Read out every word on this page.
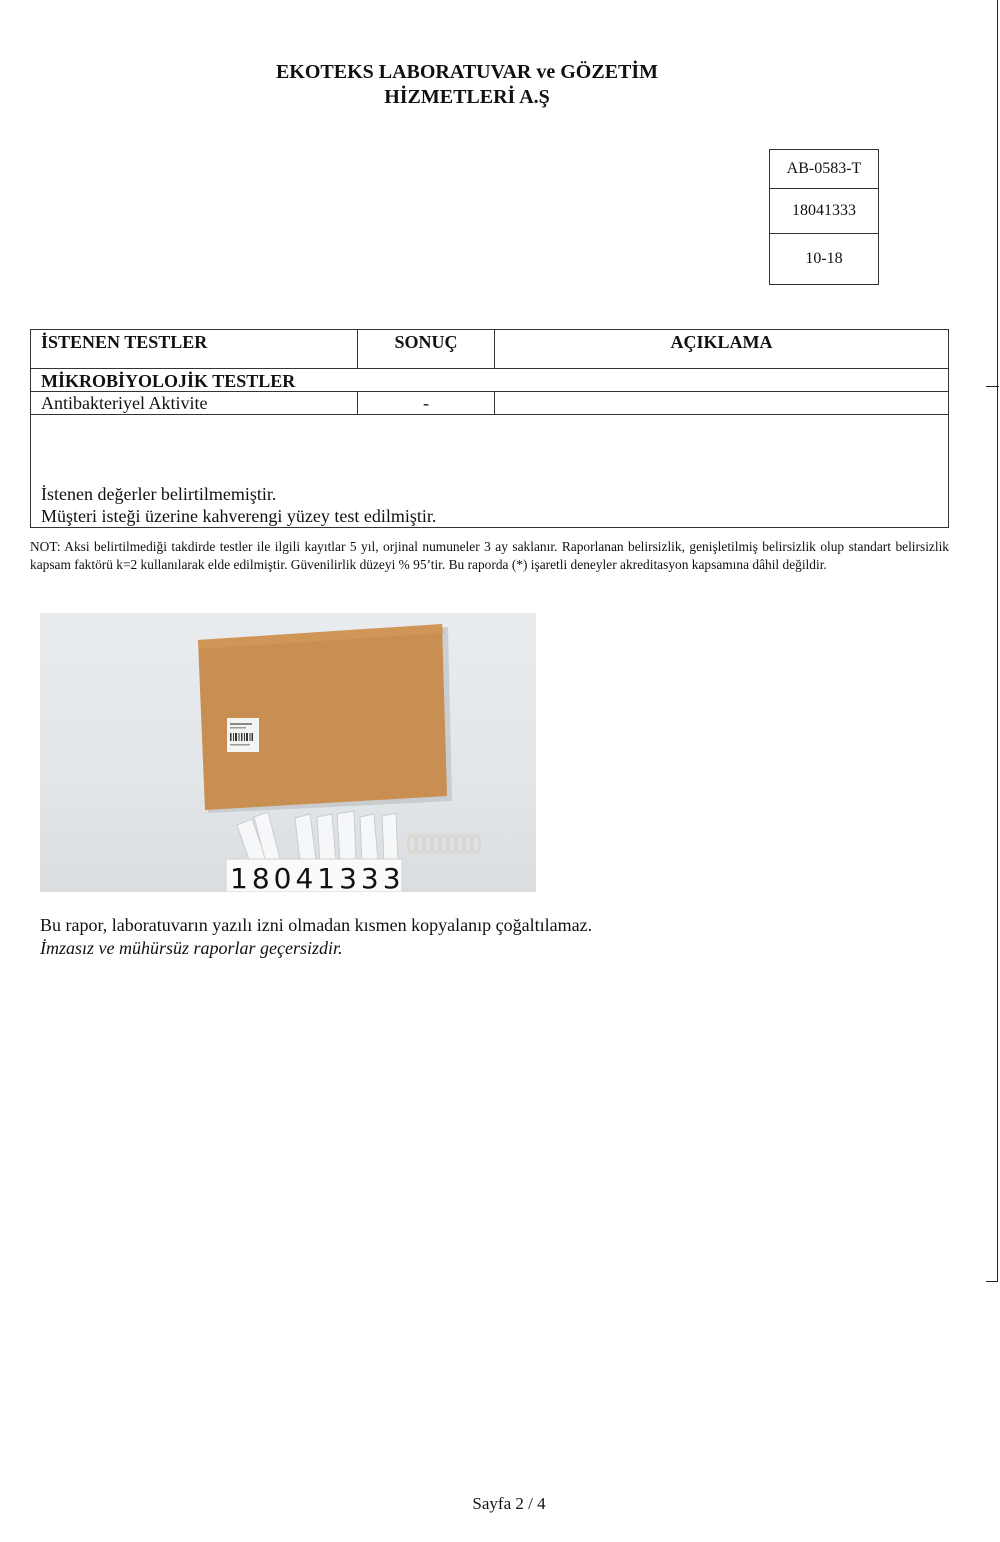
EKOTEKS LABORATUVAR ve GÖZETİM
HİZMETLERİ A.Ş
AB-0583-T
18041333
10-18
İSTENEN TESTLER	SONUÇ	AÇIKLAMA
MİKROBİYOLOJİK TESTLER
Antibakteriyel Aktivite	-
İstenen değerler belirtilmemiştir.
Müşteri isteği üzerine kahverengi yüzey test edilmiştir.
NOT: Aksi belirtilmediği takdirde testler ile ilgili kayıtlar 5 yıl, orjinal numuneler 3 ay saklanır. Raporlanan belirsizlik, genişletilmiş belirsizlik olup standart belirsizlik kapsam faktörü k=2 kullanılarak elde edilmiştir. Güvenilirlik düzeyi % 95’tir. Bu raporda (*) işaretli deneyler akreditasyon kapsamına dâhil değildir.
18041333
Bu rapor, laboratuvarın yazılı izni olmadan kısmen kopyalanıp çoğaltılamaz.
İmzasız ve mühürsüz raporlar geçersizdir.
Sayfa 2 / 4
